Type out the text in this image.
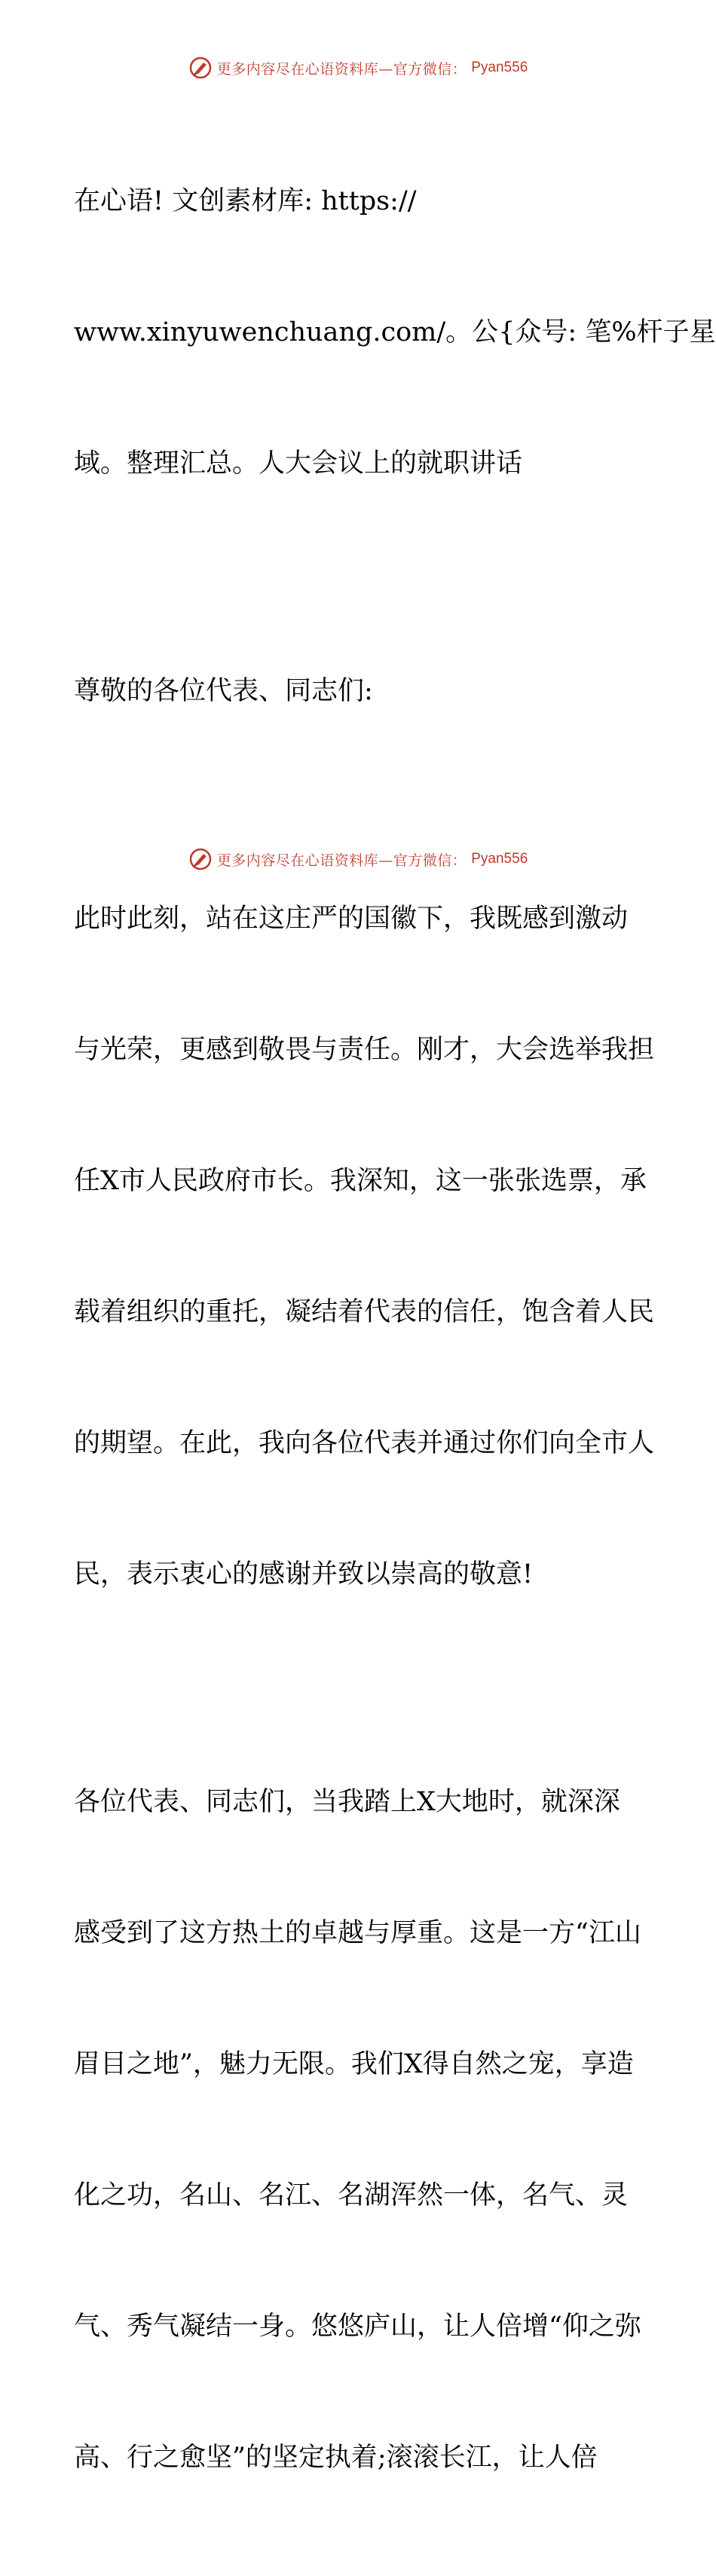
更多内容尽在心语资料库—官方微信： Pyan556

在心语! 文创素材库: https://

www.xinyuwenchuang.com/。公{众号: 笔%杆子星

域。整理汇总。人大会议上的就职讲话

尊敬的各位代表、同志们:

此时此刻，站在这庄严的国徽下，我既感到激动

与光荣，更感到敬畏与责任。刚才，大会选举我担

任X市人民政府市长。我深知，这一张张选票，承

载着组织的重托，凝结着代表的信任，饱含着人民

的期望。在此，我向各位代表并通过你们向全市人

民，表示衷心的感谢并致以崇高的敬意!

各位代表、同志们，当我踏上X大地时，就深深

感受到了这方热土的卓越与厚重。这是一方“江山

眉目之地”，魅力无限。我们X得自然之宠，享造

化之功，名山、名江、名湖浑然一体，名气、灵

气、秀气凝结一身。悠悠庐山，让人倍增“仰之弥

高、行之愈坚”的坚定执着;滚滚长江，让人倍

更多内容尽在心语资料库—官方微信： Pyan556
